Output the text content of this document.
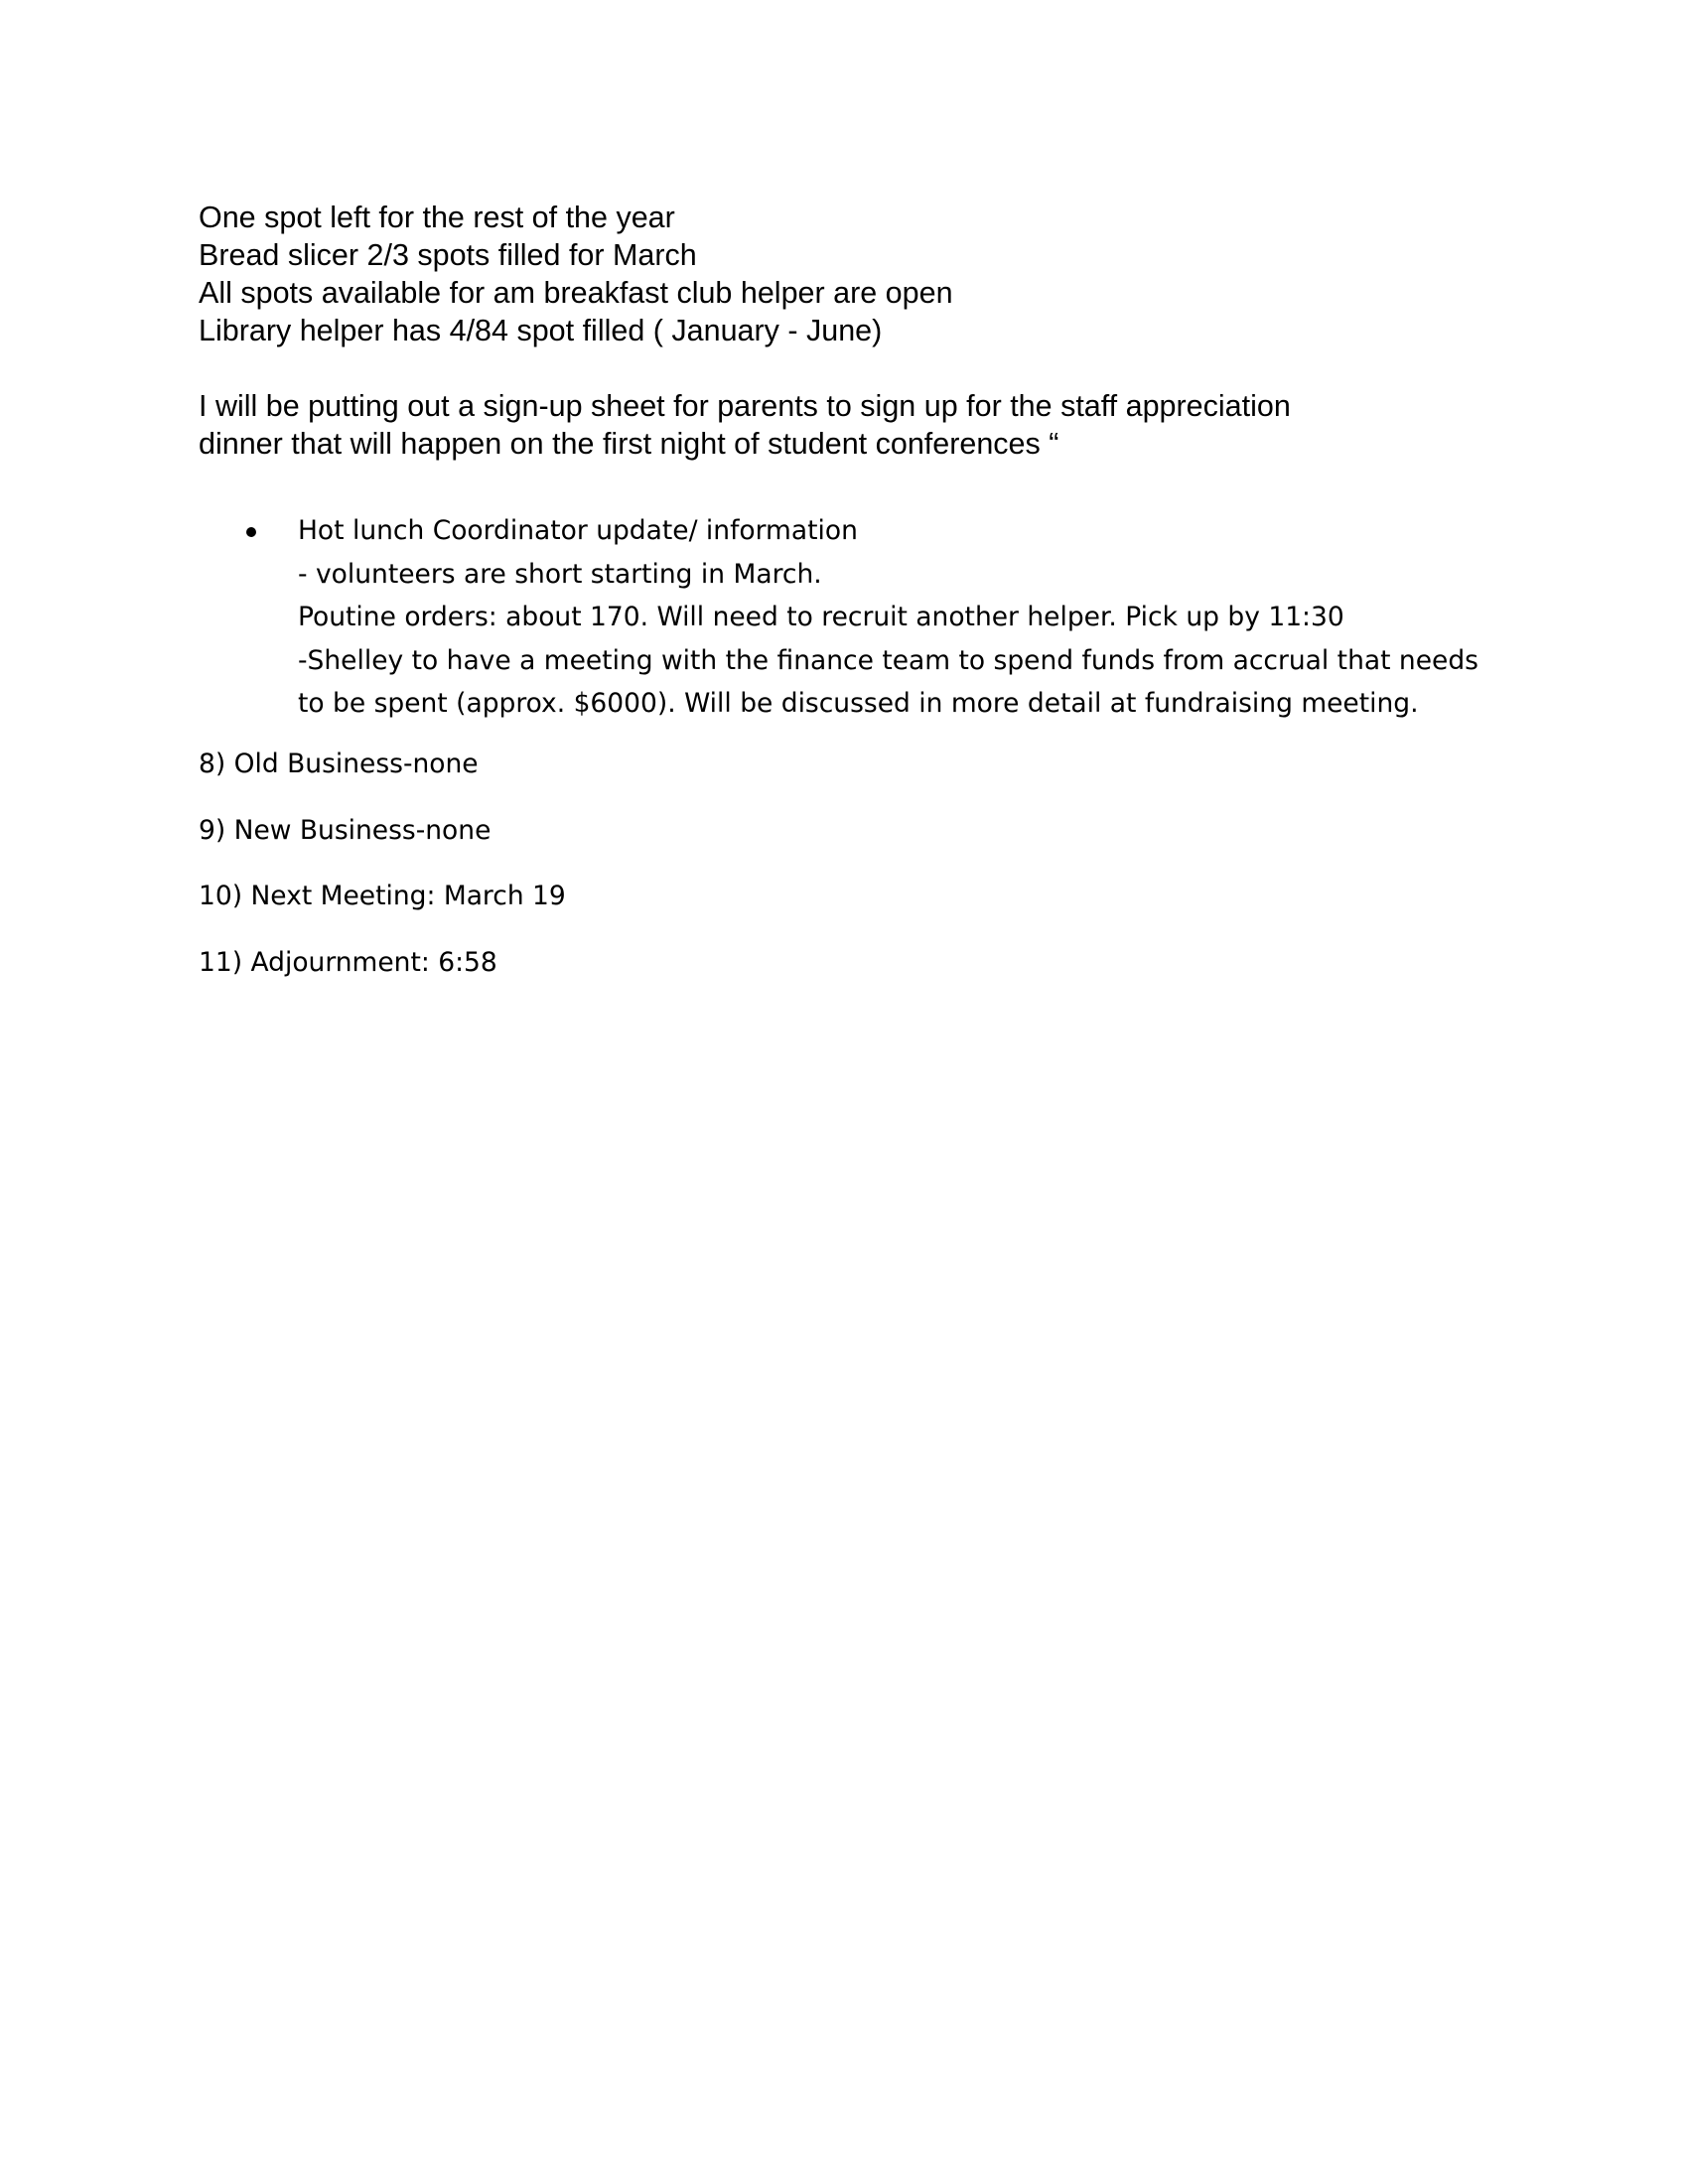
One spot left for the rest of the year
Bread slicer 2/3 spots filled for March
All spots available for am breakfast club helper are open
Library helper has 4/84 spot filled ( January - June)
I will be putting out a sign-up sheet for parents to sign up for the staff appreciation
dinner that will happen on the first night of student conferences “
Hot lunch Coordinator update/ information
- volunteers are short starting in March.
Poutine orders: about 170. Will need to recruit another helper. Pick up by 11:30
-Shelley to have a meeting with the finance team to spend funds from accrual that needs
to be spent (approx. $6000). Will be discussed in more detail at fundraising meeting.
8) Old Business-none
9) New Business-none
10) Next Meeting: March 19
11) Adjournment: 6:58
